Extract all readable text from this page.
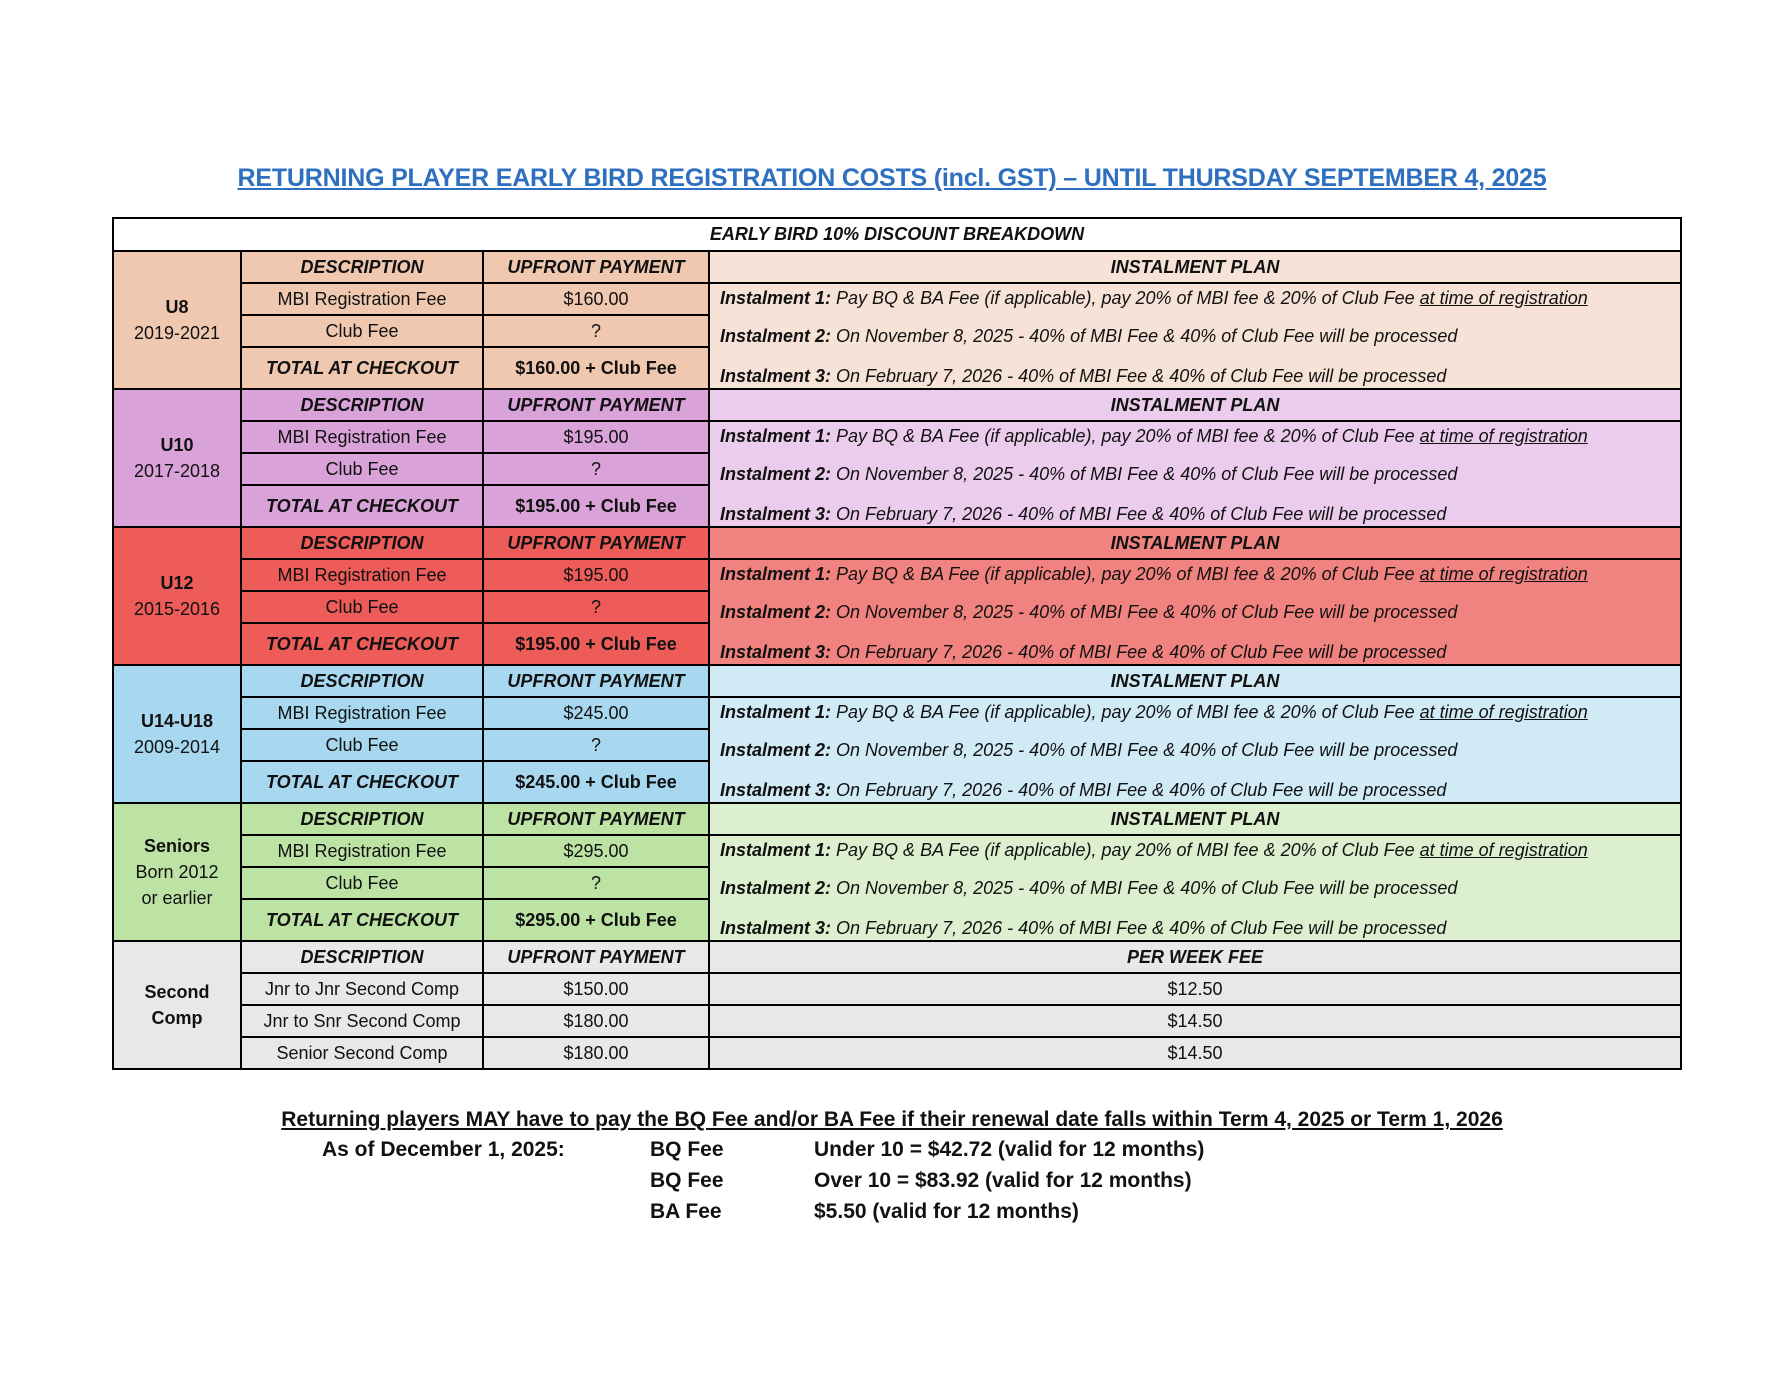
RETURNING PLAYER EARLY BIRD REGISTRATION COSTS (incl. GST) – UNTIL THURSDAY SEPTEMBER 4, 2025
EARLY BIRD 10% DISCOUNT BREAKDOWN			

U8
2019-2021	DESCRIPTION	UPFRONT PAYMENT	INSTALMENT PLAN
	MBI Registration Fee	$160.00	Instalment 1: Pay BQ & BA Fee (if applicable), pay 20% of MBI fee & 20% of Club Fee at time of registration
Instalment 2: On November 8, 2025 - 40% of MBI Fee & 40% of Club Fee will be processed
Instalment 3: On February 7, 2026 - 40% of MBI Fee & 40% of Club Fee will be processed

	Club Fee	?	
	TOTAL AT CHECKOUT	$160.00 + Club Fee	

U10
2017-2018	DESCRIPTION	UPFRONT PAYMENT	INSTALMENT PLAN
	MBI Registration Fee	$195.00	Instalment 1: Pay BQ & BA Fee (if applicable), pay 20% of MBI fee & 20% of Club Fee at time of registration
Instalment 2: On November 8, 2025 - 40% of MBI Fee & 40% of Club Fee will be processed
Instalment 3: On February 7, 2026 - 40% of MBI Fee & 40% of Club Fee will be processed

	Club Fee	?	
	TOTAL AT CHECKOUT	$195.00 + Club Fee	

U12
2015-2016	DESCRIPTION	UPFRONT PAYMENT	INSTALMENT PLAN
	MBI Registration Fee	$195.00	Instalment 1: Pay BQ & BA Fee (if applicable), pay 20% of MBI fee & 20% of Club Fee at time of registration
Instalment 2: On November 8, 2025 - 40% of MBI Fee & 40% of Club Fee will be processed
Instalment 3: On February 7, 2026 - 40% of MBI Fee & 40% of Club Fee will be processed

	Club Fee	?	
	TOTAL AT CHECKOUT	$195.00 + Club Fee	

U14-U18
2009-2014	DESCRIPTION	UPFRONT PAYMENT	INSTALMENT PLAN
	MBI Registration Fee	$245.00	Instalment 1: Pay BQ & BA Fee (if applicable), pay 20% of MBI fee & 20% of Club Fee at time of registration
Instalment 2: On November 8, 2025 - 40% of MBI Fee & 40% of Club Fee will be processed
Instalment 3: On February 7, 2026 - 40% of MBI Fee & 40% of Club Fee will be processed

	Club Fee	?	
	TOTAL AT CHECKOUT	$245.00 + Club Fee	

Seniors
Born 2012
or earlier	DESCRIPTION	UPFRONT PAYMENT	INSTALMENT PLAN
	MBI Registration Fee	$295.00	Instalment 1: Pay BQ & BA Fee (if applicable), pay 20% of MBI fee & 20% of Club Fee at time of registration
Instalment 2: On November 8, 2025 - 40% of MBI Fee & 40% of Club Fee will be processed
Instalment 3: On February 7, 2026 - 40% of MBI Fee & 40% of Club Fee will be processed

	Club Fee	?	
	TOTAL AT CHECKOUT	$295.00 + Club Fee	

Second
Comp	DESCRIPTION	UPFRONT PAYMENT	PER WEEK FEE
	Jnr to Jnr Second Comp	$150.00	$12.50
	Jnr to Snr Second Comp	$180.00	$14.50
	Senior Second Comp	$180.00	$14.50
Returning players MAY have to pay the BQ Fee and/or BA Fee if their renewal date falls within Term 4, 2025 or Term 1, 2026
As of December 1, 2025:	BQ Fee	Under 10 = $42.72 (valid for 12 months)
BQ Fee	Over 10 = $83.92 (valid for 12 months)
BA Fee	$5.50 (valid for 12 months)
